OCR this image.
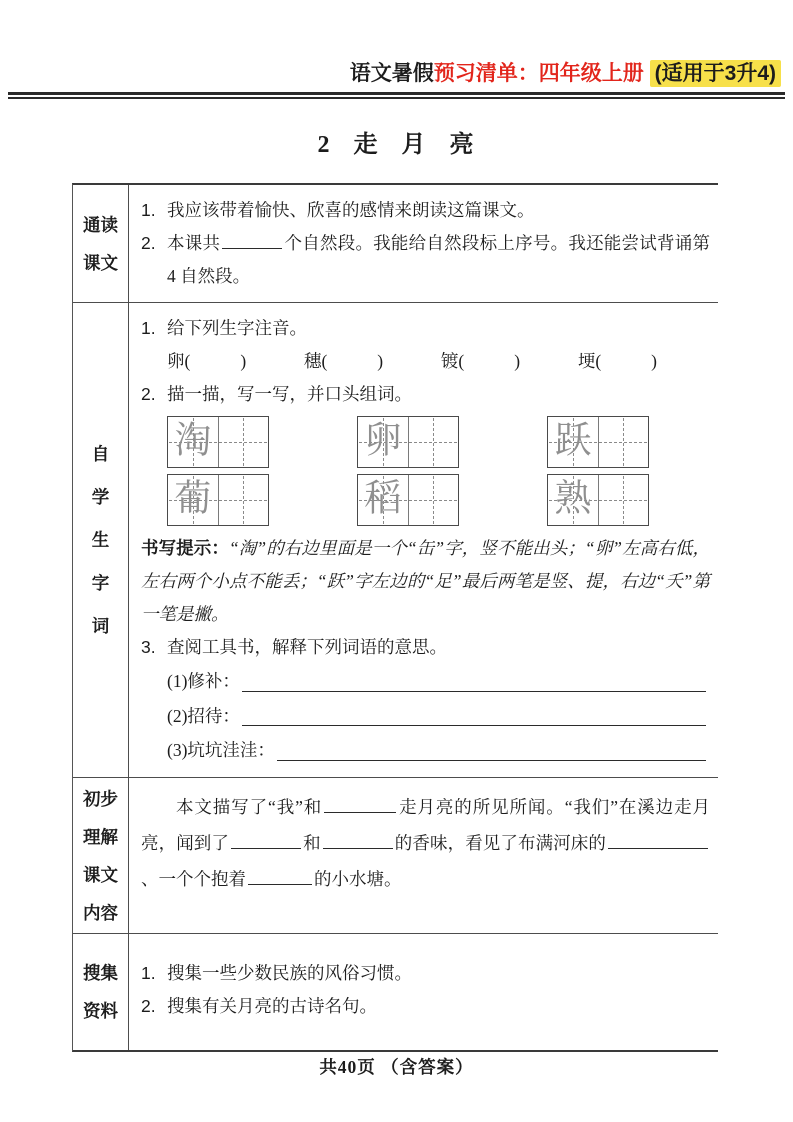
语文暑假预习清单：四年级上册 (适用于3升4)
2 走 月 亮
通读
课文
1. 我应该带着愉快、欣喜的感情来朗读这篇课文。
2. 本课共	个自然段。我能给自然段标上序号。我还能尝试背诵第 4 自然段。
自
学
生
字
词
1. 给下列生字注音。
卵(	)	穗(	)	镀(	)	埂(	)
2. 描一描，写一写，并口头组词。
淘	卵	跃
葡	稻	熟
书写提示：“淘”的右边里面是一个“缶”字，竖不能出头；“卵”左高右低，左右两个小点不能丢；“跃”字左边的“足”最后两笔是竖、提，右边“夭”第一笔是撇。
3. 查阅工具书，解释下列词语的意思。
(1)修补：
(2)招待：
(3)坑坑洼洼：
初步
理解
课文
内容
本文描写了“我”和	走月亮的所见所闻。“我们”在溪边走月亮，闻到了	和	的香味，看见了布满河床的、一个个抱着	的小水塘。
搜集
资料
1. 搜集一些少数民族的风俗习惯。
2. 搜集有关月亮的古诗名句。
共40页 （含答案）
